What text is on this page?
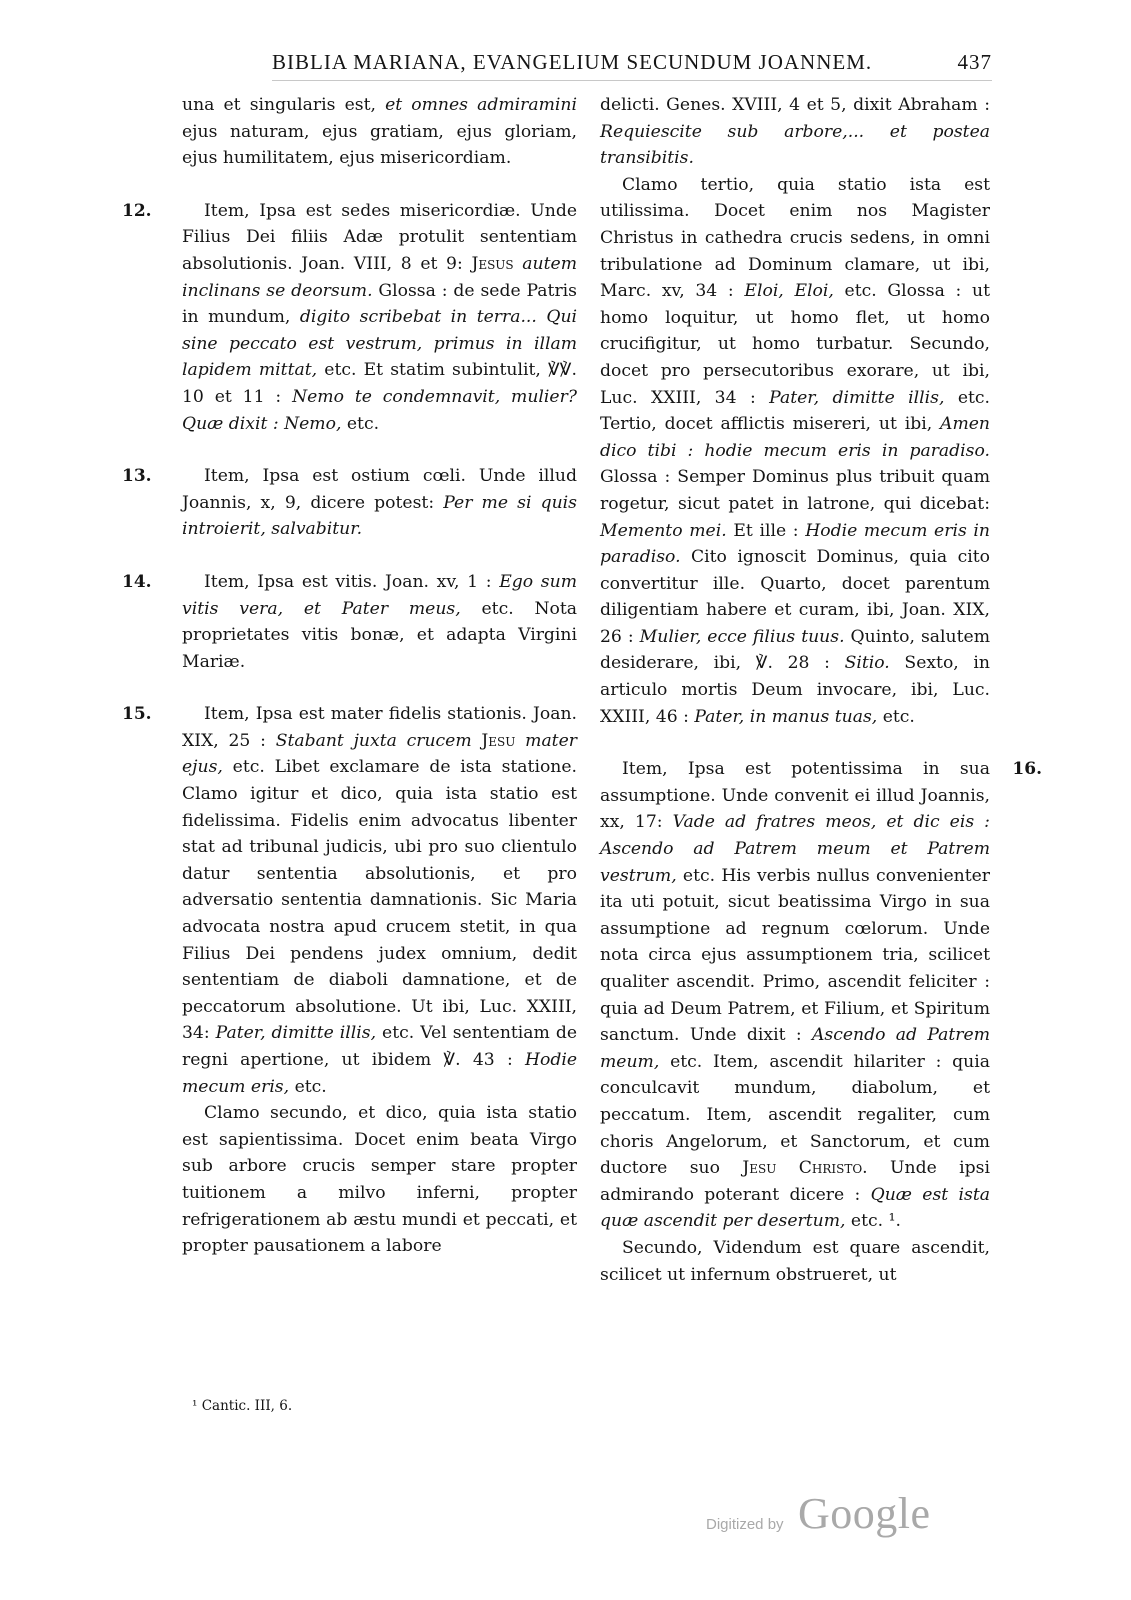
BIBLIA MARIANA, EVANGELIUM SECUNDUM JOANNEM.	437

una et singularis est, et omnes admiramini ejus naturam, ejus gratiam, ejus gloriam, ejus humilitatem, ejus misericordiam.

12.	Item, Ipsa est sedes misericordiæ. Unde Filius Dei filiis Adæ protulit sententiam absolutionis. Joan. VIII, 8 et 9: Jesus autem inclinans se deorsum. Glossa : de sede Patris in mundum, digito scribebat in terra... Qui sine peccato est vestrum, primus in illam lapidem mittat, etc. Et statim subintulit, ℣℣. 10 et 11 : Nemo te condemnavit, mulier? Quæ dixit : Nemo, etc.

13.	Item, Ipsa est ostium cœli. Unde illud Joannis, x, 9, dicere potest: Per me si quis introierit, salvabitur.

14.	Item, Ipsa est vitis. Joan. xv, 1 : Ego sum vitis vera, et Pater meus, etc. Nota proprietates vitis bonæ, et adapta Virgini Mariæ.

15.	Item, Ipsa est mater fidelis stationis. Joan. XIX, 25 : Stabant juxta crucem Jesu mater ejus, etc. Libet exclamare de ista statione. Clamo igitur et dico, quia ista statio est fidelissima. Fidelis enim advocatus libenter stat ad tribunal judicis, ubi pro suo clientulo datur sententia absolutionis, et pro adversatio sententia damnationis. Sic Maria advocata nostra apud crucem stetit, in qua Filius Dei pendens judex omnium, dedit sententiam de diaboli damnatione, et de peccatorum absolutione. Ut ibi, Luc. XXIII, 34: Pater, dimitte illis, etc. Vel sententiam de regni apertione, ut ibidem ℣. 43 : Hodie mecum eris, etc.

Clamo secundo, et dico, quia ista statio est sapientissima. Docet enim beata Virgo sub arbore crucis semper stare propter tuitionem a milvo inferni, propter refrigerationem ab æstu mundi et peccati, et propter pausationem a labore

delicti. Genes. XVIII, 4 et 5, dixit Abraham : Requiescite sub arbore,... et postea transibitis.

Clamo tertio, quia statio ista est utilissima. Docet enim nos Magister Christus in cathedra crucis sedens, in omni tribulatione ad Dominum clamare, ut ibi, Marc. xv, 34 : Eloi, Eloi, etc. Glossa : ut homo loquitur, ut homo flet, ut homo crucifigitur, ut homo turbatur. Secundo, docet pro persecutoribus exorare, ut ibi, Luc. XXIII, 34 : Pater, dimitte illis, etc. Tertio, docet afflictis misereri, ut ibi, Amen dico tibi : hodie mecum eris in paradiso. Glossa : Semper Dominus plus tribuit quam rogetur, sicut patet in latrone, qui dicebat: Memento mei. Et ille : Hodie mecum eris in paradiso. Cito ignoscit Dominus, quia cito convertitur ille. Quarto, docet parentum diligentiam habere et curam, ibi, Joan. XIX, 26 : Mulier, ecce filius tuus. Quinto, salutem desiderare, ibi, ℣. 28 : Sitio. Sexto, in articulo mortis Deum invocare, ibi, Luc. XXIII, 46 : Pater, in manus tuas, etc.

16.
Item, Ipsa est potentissima in sua assumptione. Unde convenit ei illud Joannis, xx, 17: Vade ad fratres meos, et dic eis : Ascendo ad Patrem meum et Patrem vestrum, etc. His verbis nullus convenienter ita uti potuit, sicut beatissima Virgo in sua assumptione ad regnum cœlorum. Unde nota circa ejus assumptionem tria, scilicet qualiter ascendit. Primo, ascendit feliciter : quia ad Deum Patrem, et Filium, et Spiritum sanctum. Unde dixit : Ascendo ad Patrem meum, etc. Item, ascendit hilariter : quia conculcavit mundum, diabolum, et peccatum. Item, ascendit regaliter, cum choris Angelorum, et Sanctorum, et cum ductore suo Jesu Christo. Unde ipsi admirando poterant dicere : Quæ est ista quæ ascendit per desertum, etc. ¹.

Secundo, Videndum est quare ascendit, scilicet ut infernum obstrueret, ut

¹ Cantic. III, 6.
Digitized by Google
